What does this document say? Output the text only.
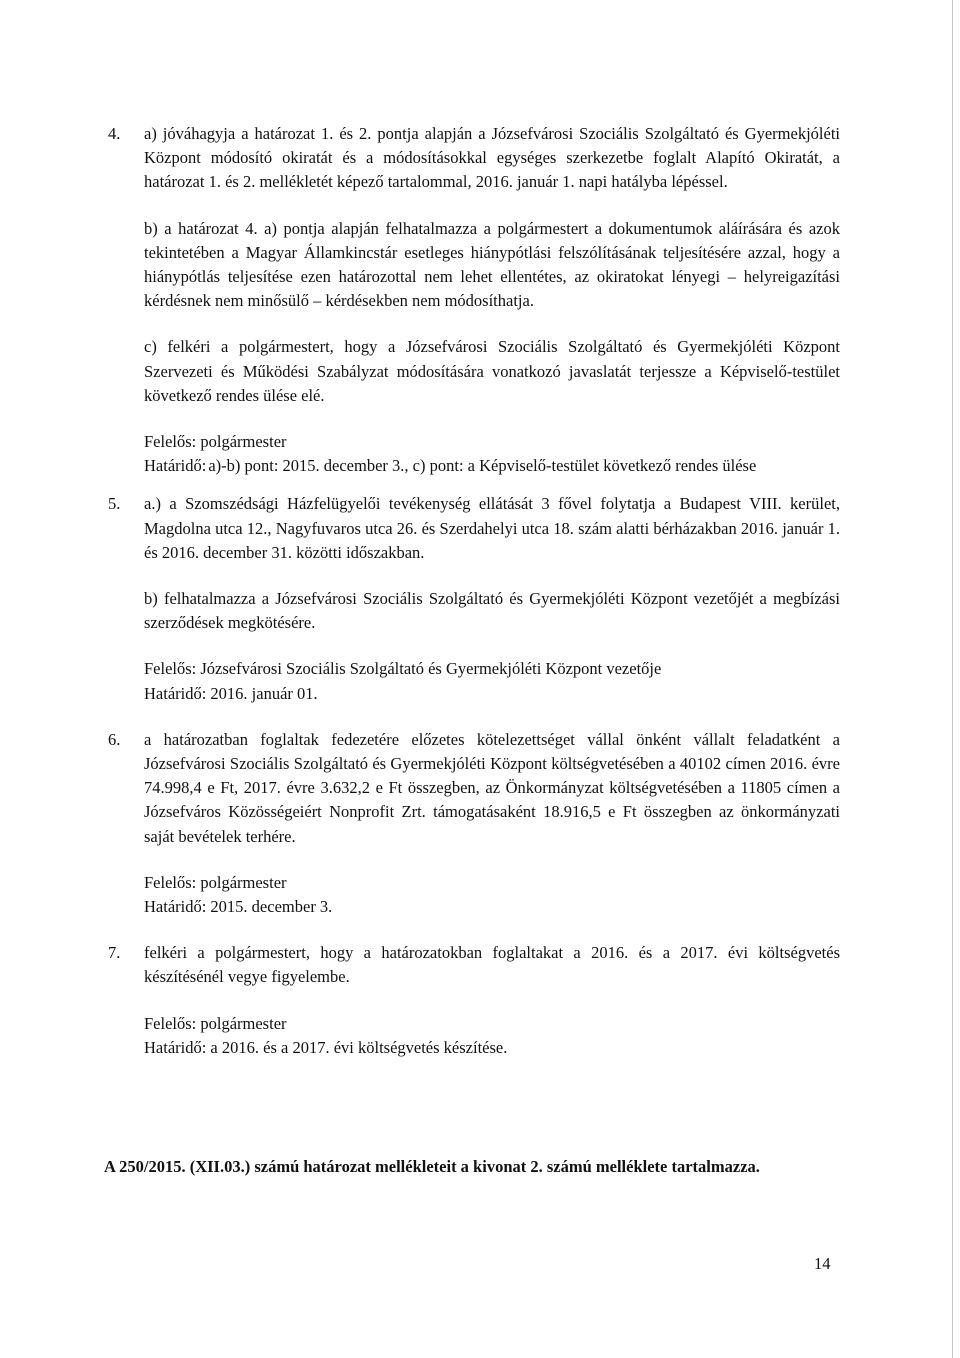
4. a) jóváhagyja a határozat 1. és 2. pontja alapján a Józsefvárosi Szociális Szolgáltató és Gyermekjóléti Központ módosító okiratát és a módosításokkal egységes szerkezetbe foglalt Alapító Okiratát, a határozat 1. és 2. mellékletét képező tartalommal, 2016. január 1. napi hatályba lépéssel.

b) a határozat 4. a) pontja alapján felhatalmazza a polgármestert a dokumentumok aláírására és azok tekintetében a Magyar Államkincstár esetleges hiánypótlási felszólításának teljesítésére azzal, hogy a hiánypótlás teljesítése ezen határozottal nem lehet ellentétes, az okiratokat lényegi – helyreigazítási kérdésnek nem minősülő – kérdésekben nem módosíthatja.

c) felkéri a polgármestert, hogy a Józsefvárosi Szociális Szolgáltató és Gyermekjóléti Központ Szervezeti és Működési Szabályzat módosítására vonatkozó javaslatát terjessze a Képviselő-testület következő rendes ülése elé.

Felelős: polgármester

Határidő: a)-b) pont: 2015. december 3., c) pont: a Képviselő-testület következő rendes ülése
5. a.) a Szomszédsági Házfelügyelői tevékenység ellátását 3 fővel folytatja a Budapest VIII. kerület, Magdolna utca 12., Nagyfuvaros utca 26. és Szerdahelyi utca 18. szám alatti bérházakban 2016. január 1. és 2016. december 31. közötti időszakban.

b) felhatalmazza a Józsefvárosi Szociális Szolgáltató és Gyermekjóléti Központ vezetőjét a megbízási szerződések megkötésére.

Felelős: Józsefvárosi Szociális Szolgáltató és Gyermekjóléti Központ vezetője

Határidő: 2016. január 01.

6. a határozatban foglaltak fedezetére előzetes kötelezettséget vállal önként vállalt feladatként a Józsefvárosi Szociális Szolgáltató és Gyermekjóléti Központ költségvetésében a 40102 címen 2016. évre 74.998,4 e Ft, 2017. évre 3.632,2 e Ft összegben, az Önkormányzat költségvetésében a 11805 címen a Józsefváros Közösségeiért Nonprofit Zrt. támogatásaként 18.916,5 e Ft összegben az önkormányzati saját bevételek terhére.

Felelős: polgármester

Határidő: 2015. december 3.

7. felkéri a polgármestert, hogy a határozatokban foglaltakat a 2016. és a 2017. évi költségvetés készítésénél vegye figyelembe.

Felelős: polgármester

Határidő: a 2016. és a 2017. évi költségvetés készítése.

A 250/2015. (XII.03.) számú határozat mellékleteit a kivonat 2. számú melléklete tartalmazza.

14
